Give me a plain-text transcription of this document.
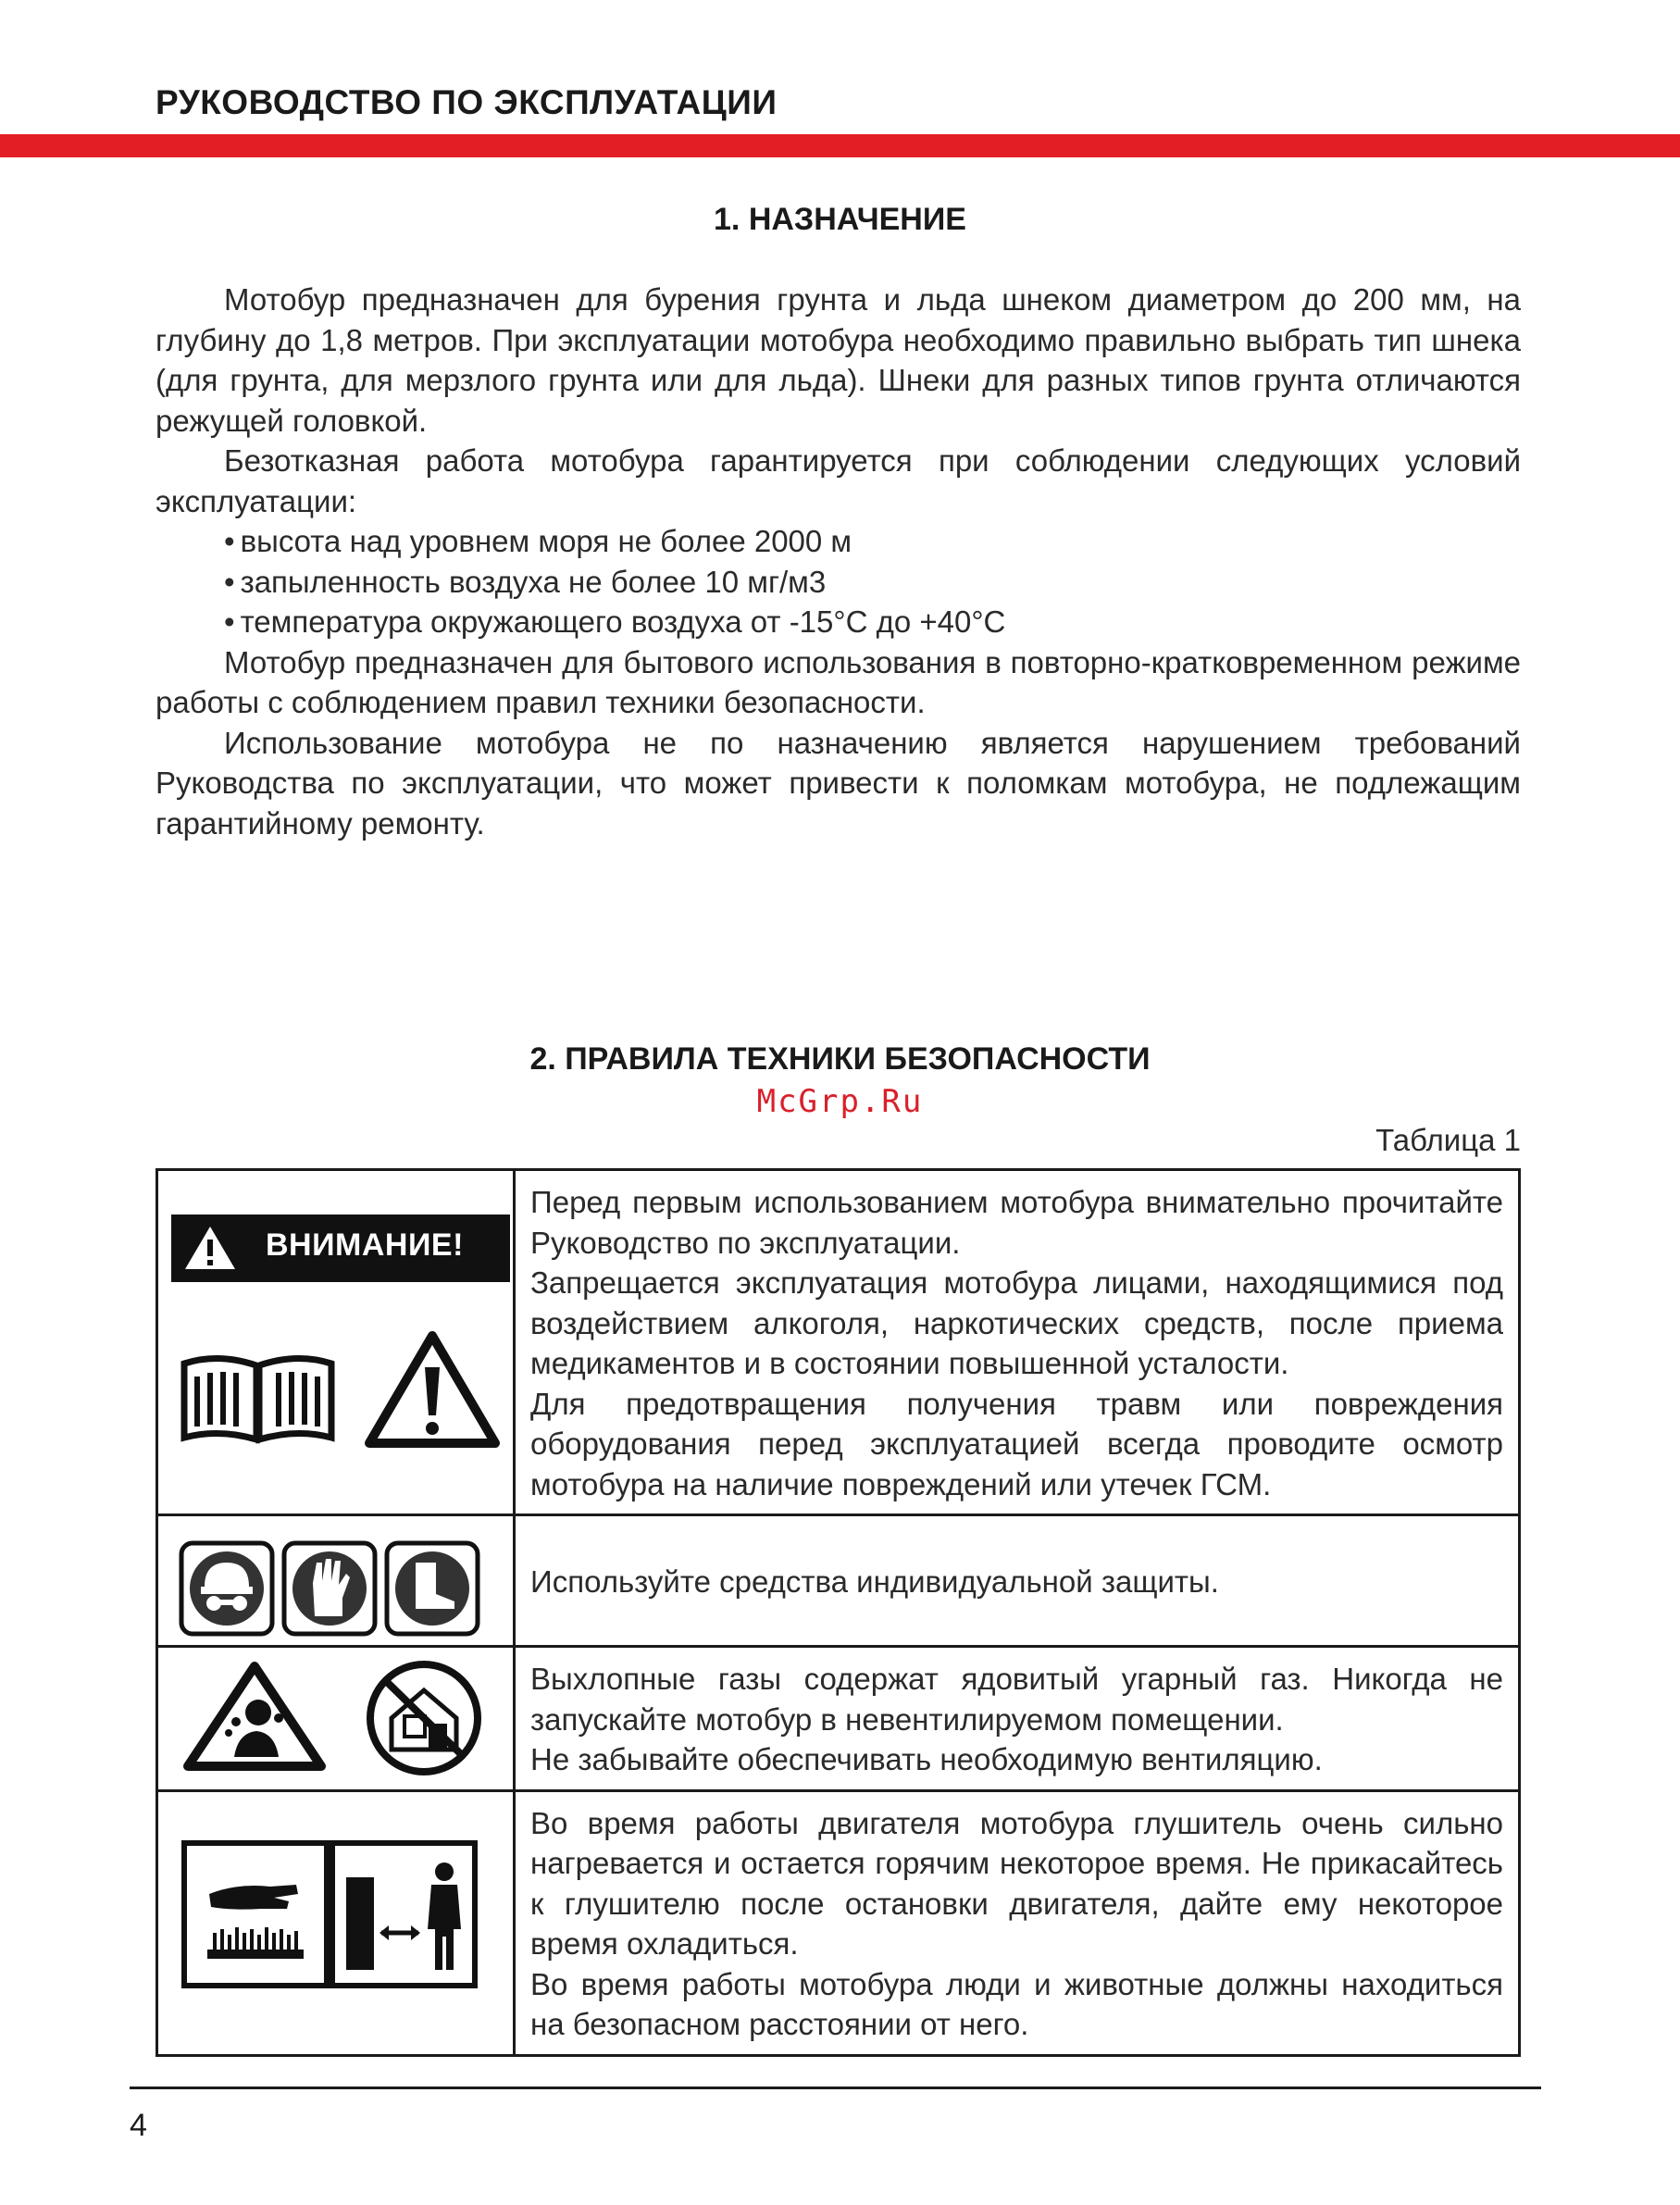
РУКОВОДСТВО ПО ЭКСПЛУАТАЦИИ
1. НАЗНАЧЕНИЕ

Мотобур предназначен для бурения грунта и льда шнеком диаметром до 200 мм, на глубину до 1,8 метров. При эксплуатации мотобура необходимо правильно выбрать тип шнека (для грунта, для мерзлого грунта или для льда). Шнеки для разных типов грунта отличаются режущей головкой.

Безотказная работа мотобура гарантируется при соблюдении следующих условий эксплуатации:

• высота над уровнем моря не более 2000 м

• запыленность воздуха не более 10 мг/м3

• температура окружающего воздуха от -15°С до +40°С

Мотобур предназначен для бытового использования в повторно-кратковременном режиме работы с соблюдением правил техники безопасности.

Использование мотобура не по назначению является нарушением требований Руководства по эксплуатации, что может привести к поломкам мотобура, не подлежащим гарантийному ремонту.

2. ПРАВИЛА ТЕХНИКИ БЕЗОПАСНОСТИ
McGrp.Ru
Таблица 1
ВНИМАНИЕ!	Перед первым использованием мотобура внимательно прочитайте Руководство по эксплуатации.

Запрещается эксплуатация мотобура лицами, находящимися под воздействием алкоголя, наркотических средств, после приема медикаментов и в состоянии повышенной усталости.

Для предотвращения получения травм или повреждения оборудования перед эксплуатацией всегда проводите осмотр мотобура на наличие повреждений или утечек ГСМ.

Используйте средства индивидуальной защиты.

Выхлопные газы содержат ядовитый угарный газ. Никогда не запускайте мотобур в невентилируемом помещении.

Не забывайте обеспечивать необходимую вентиляцию.

Во время работы двигателя мотобура глушитель очень сильно нагревается и остается горячим некоторое время. Не прикасайтесь к глушителю после остановки двигателя, дайте ему некоторое время охладиться.

Во время работы мотобура люди и животные должны находиться на безопасном расстоянии от него.

4
